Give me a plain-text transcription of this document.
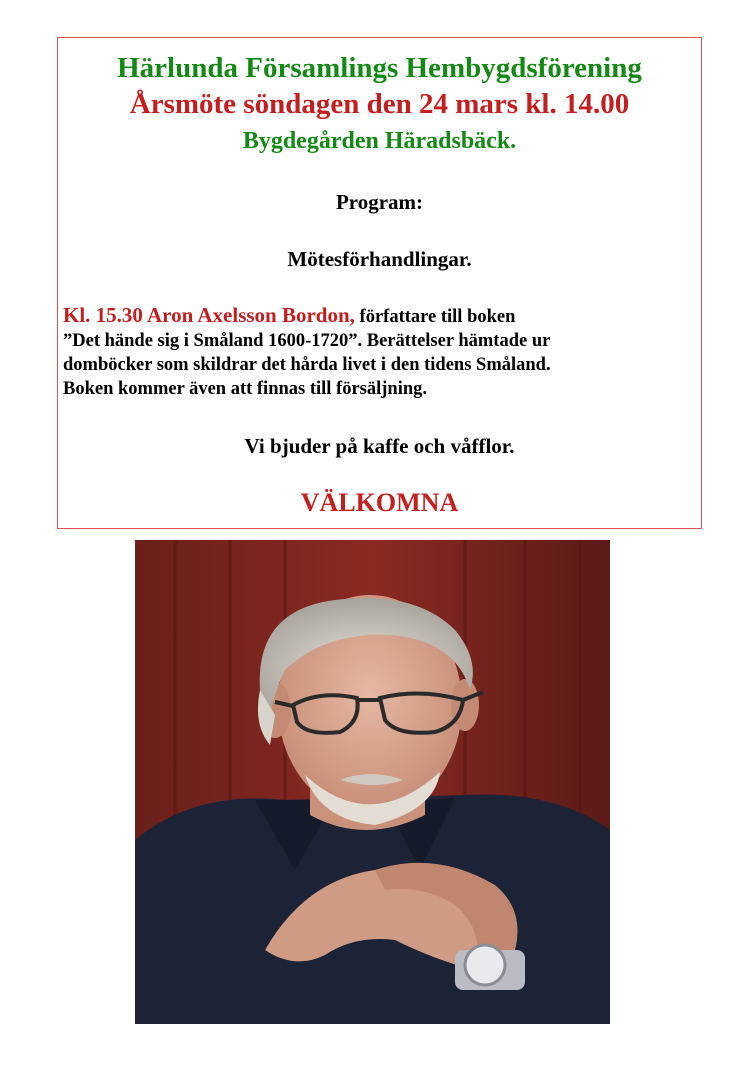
Härlunda Församlings Hembygdsförening
Årsmöte söndagen den 24 mars kl. 14.00
Bygdegården Häradsbäck.
Program:
Mötesförhandlingar.
Kl. 15.30 Aron Axelsson Bordon, författare till boken
”Det hände sig i Småland 1600-1720”. Berättelser hämtade ur
domböcker som skildrar det hårda livet i den tidens Småland.
Boken kommer även att finnas till försäljning.
Vi bjuder på kaffe och våfflor.
VÄLKOMNA
